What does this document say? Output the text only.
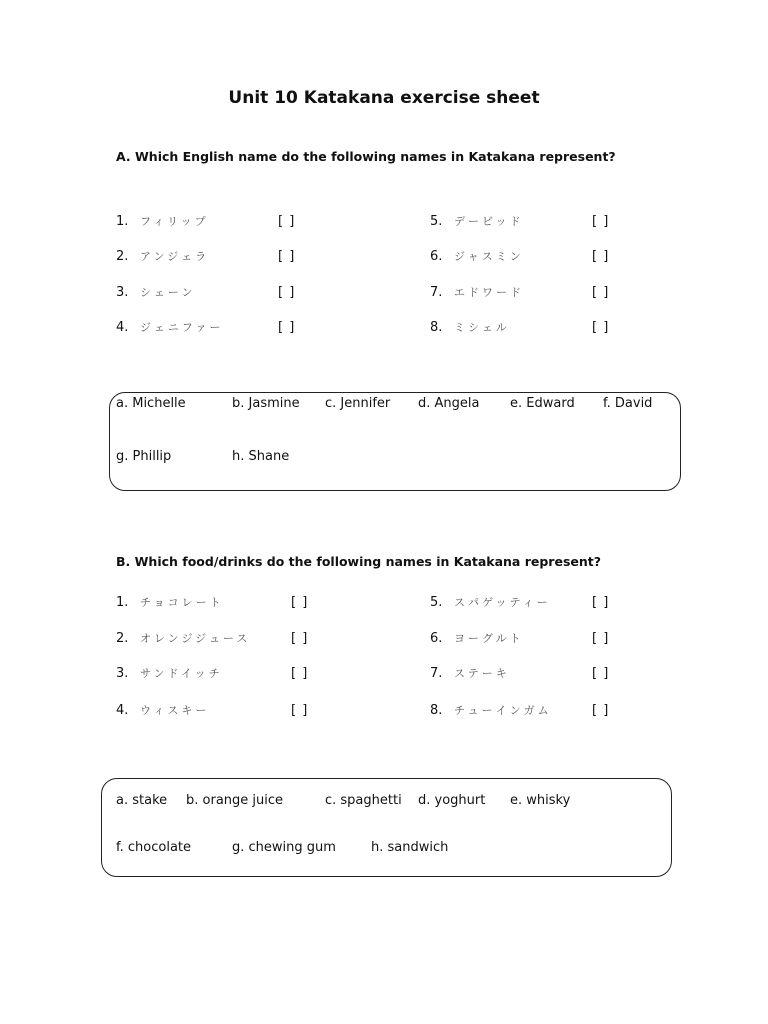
Unit 10 Katakana exercise sheet
A. Which English name do the following names in Katakana represent?
1. フィリップ	[ ]
2. アンジェラ	[ ]
3. シェーン	[ ]
4. ジェニファー	[ ]
5. デービッド	[ ]
6. ジャスミン	[ ]
7. エドワード	[ ]
8. ミシェル	[ ]
a. Michelle	b. Jasmine c. Jennifer d. Angela e. Edward f. David
g. Phillip	h. Shane
B. Which food/drinks do the following names in Katakana represent?
1. チョコレート	[ ]
2. オレンジジュース	[ ]
3. サンドイッチ	[ ]
4. ウィスキー	[ ]
5. スパゲッティー	[ ]
6. ヨーグルト	[ ]
7. ステーキ	[ ]
8. チューインガム	[ ]
a. stake b. orange juice	c. spaghetti d. yoghurt e. whisky
f. chocolate	g. chewing gum	h. sandwich
